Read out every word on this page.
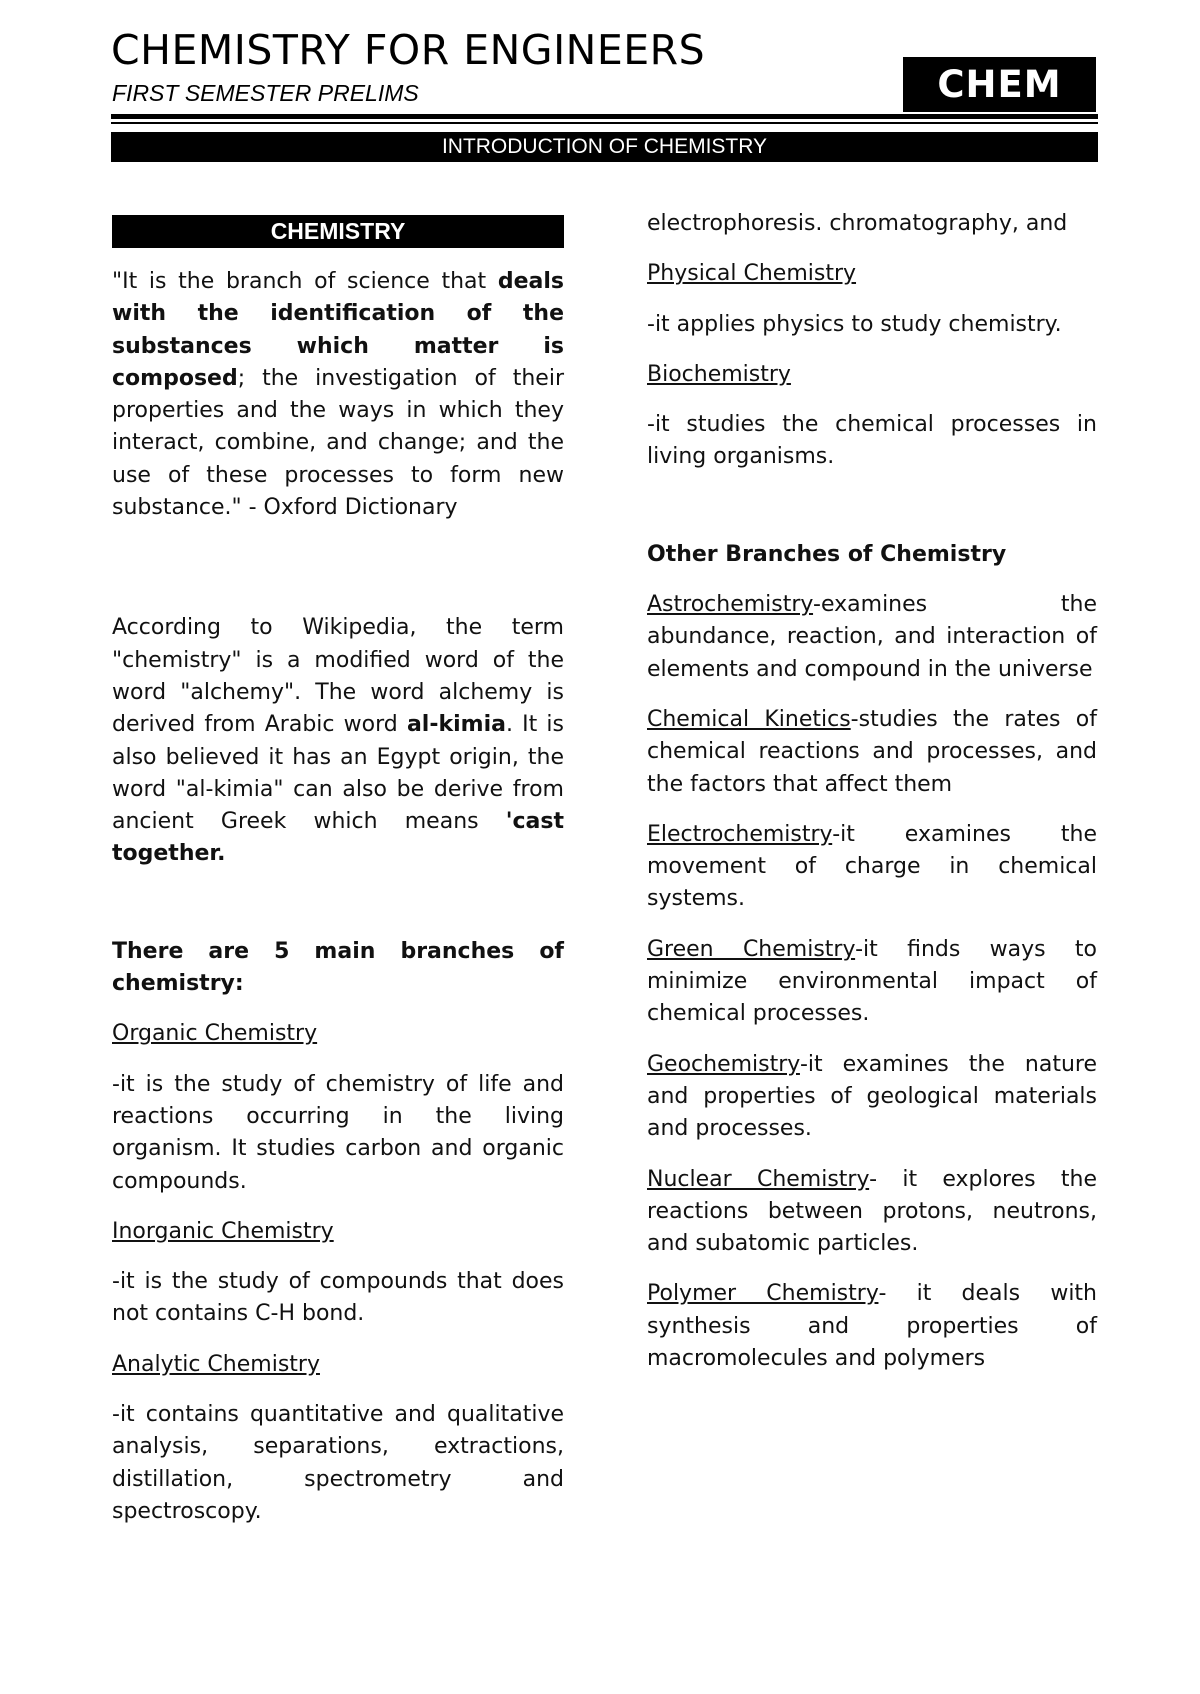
CHEMISTRY FOR ENGINEERS
FIRST SEMESTER PRELIMS	CHEM
INTRODUCTION OF CHEMISTRY
CHEMISTRY

"It is the branch of science that deals with the identification of the substances which matter is composed; the investigation of their properties and the ways in which they interact, combine, and change; and the use of these processes to form new substance." - Oxford Dictionary

According to Wikipedia, the term "chemistry" is a modified word of the word "alchemy". The word alchemy is derived from Arabic word al-kimia. It is also believed it has an Egypt origin, the word "al-kimia" can also be derive from ancient Greek which means 'cast together.

There are 5 main branches of chemistry:

Organic Chemistry

-it is the study of chemistry of life and reactions occurring in the living organism. It studies carbon and organic compounds.

Inorganic Chemistry

-it is the study of compounds that does not contains C-H bond.

Analytic Chemistry

-it contains quantitative and qualitative analysis, separations, extractions, distillation, spectrometry and spectroscopy.

electrophoresis. chromatography, and

Physical Chemistry

-it applies physics to study chemistry.

Biochemistry

-it studies the chemical processes in living organisms.

Other Branches of Chemistry

Astrochemistry-examines the abundance, reaction, and interaction of elements and compound in the universe

Chemical Kinetics-studies the rates of chemical reactions and processes, and the factors that affect them

Electrochemistry-it examines the movement of charge in chemical systems.

Green Chemistry-it finds ways to minimize environmental impact of chemical processes.

Geochemistry-it examines the nature and properties of geological materials and processes.

Nuclear Chemistry- it explores the reactions between protons, neutrons, and subatomic particles.

Polymer Chemistry- it deals with synthesis and properties of macromolecules and polymers
